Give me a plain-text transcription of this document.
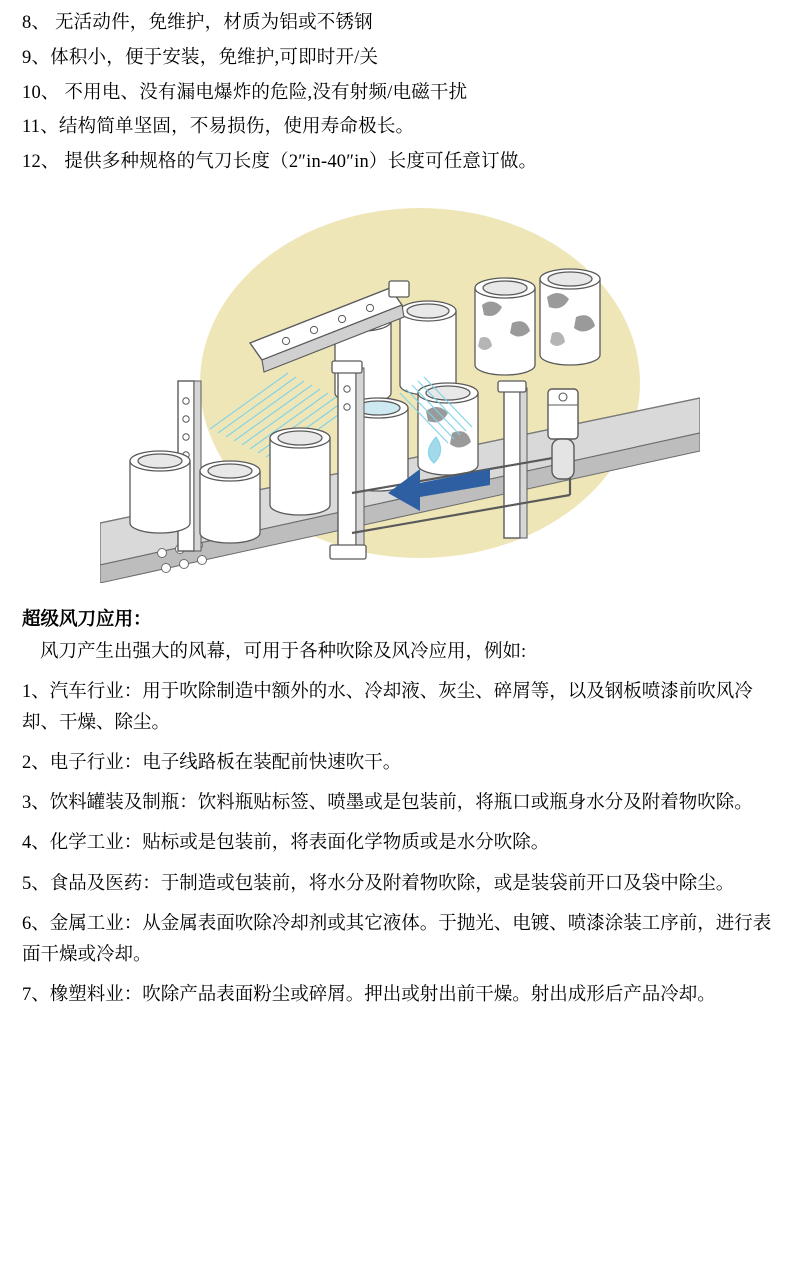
8、 无活动件，免维护，材质为铝或不锈钢
9、体积小，便于安装，免维护,可即时开/关
10、 不用电、没有漏电爆炸的危险,没有射频/电磁干扰
11、结构简单坚固，不易损伤，使用寿命极长。
12、 提供多种规格的气刀长度（2″in-40″in）长度可任意订做。
超级风刀应用：
风刀产生出强大的风幕，可用于各种吹除及风冷应用，例如:
1、汽车行业：用于吹除制造中额外的水、冷却液、灰尘、碎屑等，以及钢板喷漆前吹风冷却、干燥、除尘。
2、电子行业：电子线路板在装配前快速吹干。
3、饮料罐装及制瓶：饮料瓶贴标签、喷墨或是包装前，将瓶口或瓶身水分及附着物吹除。
4、化学工业：贴标或是包装前，将表面化学物质或是水分吹除。
5、食品及医药：于制造或包装前，将水分及附着物吹除，或是装袋前开口及袋中除尘。
6、金属工业：从金属表面吹除冷却剂或其它液体。于抛光、电镀、喷漆涂装工序前，进行表面干燥或冷却。
7、橡塑料业：吹除产品表面粉尘或碎屑。押出或射出前干燥。射出成形后产品冷却。
